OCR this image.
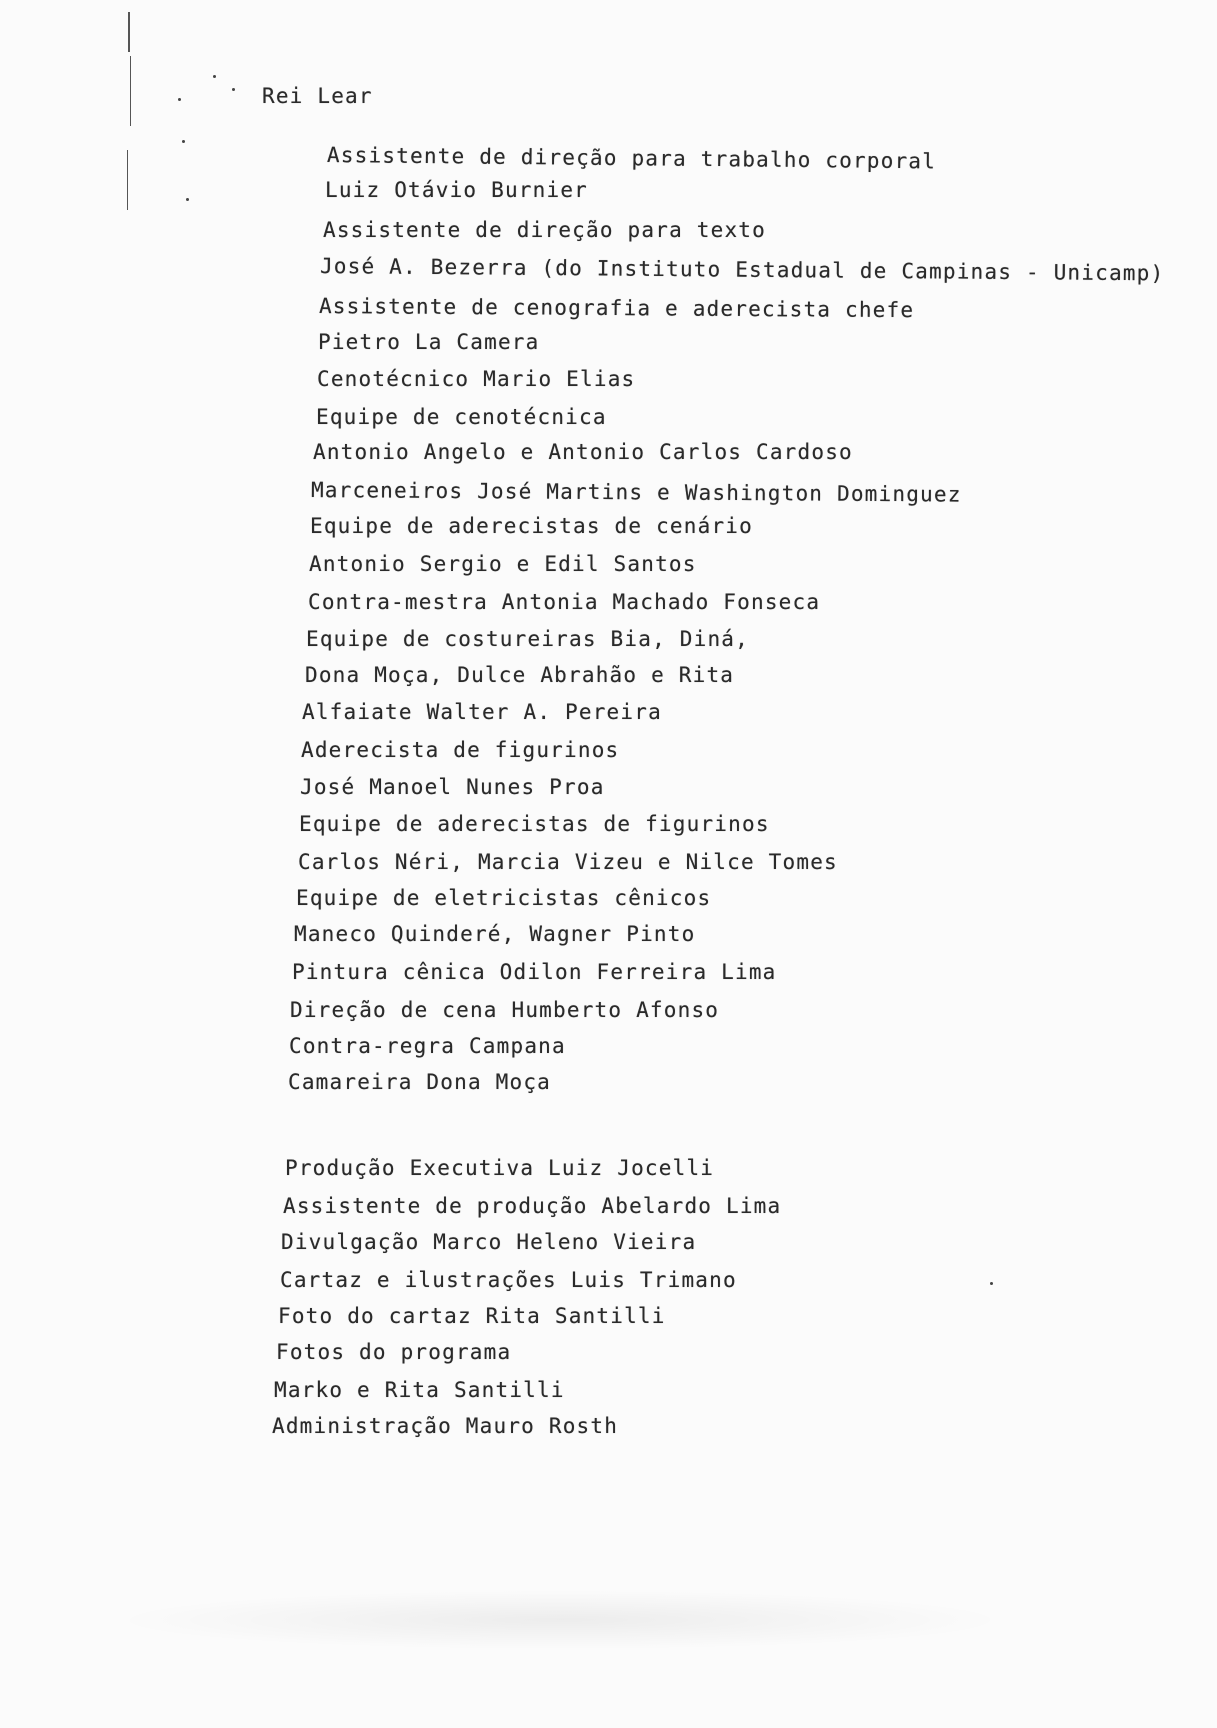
Rei Lear
Assistente de direção para trabalho corporal
Luiz Otávio Burnier
Assistente de direção para texto
José A. Bezerra (do Instituto Estadual de Campinas - Unicamp)
Assistente de cenografia e aderecista chefe
Pietro La Camera
Cenotécnico Mario Elias
Equipe de cenotécnica
Antonio Angelo e Antonio Carlos Cardoso
Marceneiros José Martins e Washington Dominguez
Equipe de aderecistas de cenário
Antonio Sergio e Edil Santos
Contra-mestra Antonia Machado Fonseca
Equipe de costureiras Bia, Diná,
Dona Moça, Dulce Abrahão e Rita
Alfaiate Walter A. Pereira
Aderecista de figurinos
José Manoel Nunes Proa
Equipe de aderecistas de figurinos
Carlos Néri, Marcia Vizeu e Nilce Tomes
Equipe de eletricistas cênicos
Maneco Quinderé, Wagner Pinto
Pintura cênica Odilon Ferreira Lima
Direção de cena Humberto Afonso
Contra-regra Campana
Camareira Dona Moça
Produção Executiva Luiz Jocelli
Assistente de produção Abelardo Lima
Divulgação Marco Heleno Vieira
Cartaz e ilustrações Luis Trimano
Foto do cartaz Rita Santilli
Fotos do programa
Marko e Rita Santilli
Administração Mauro Rosth
